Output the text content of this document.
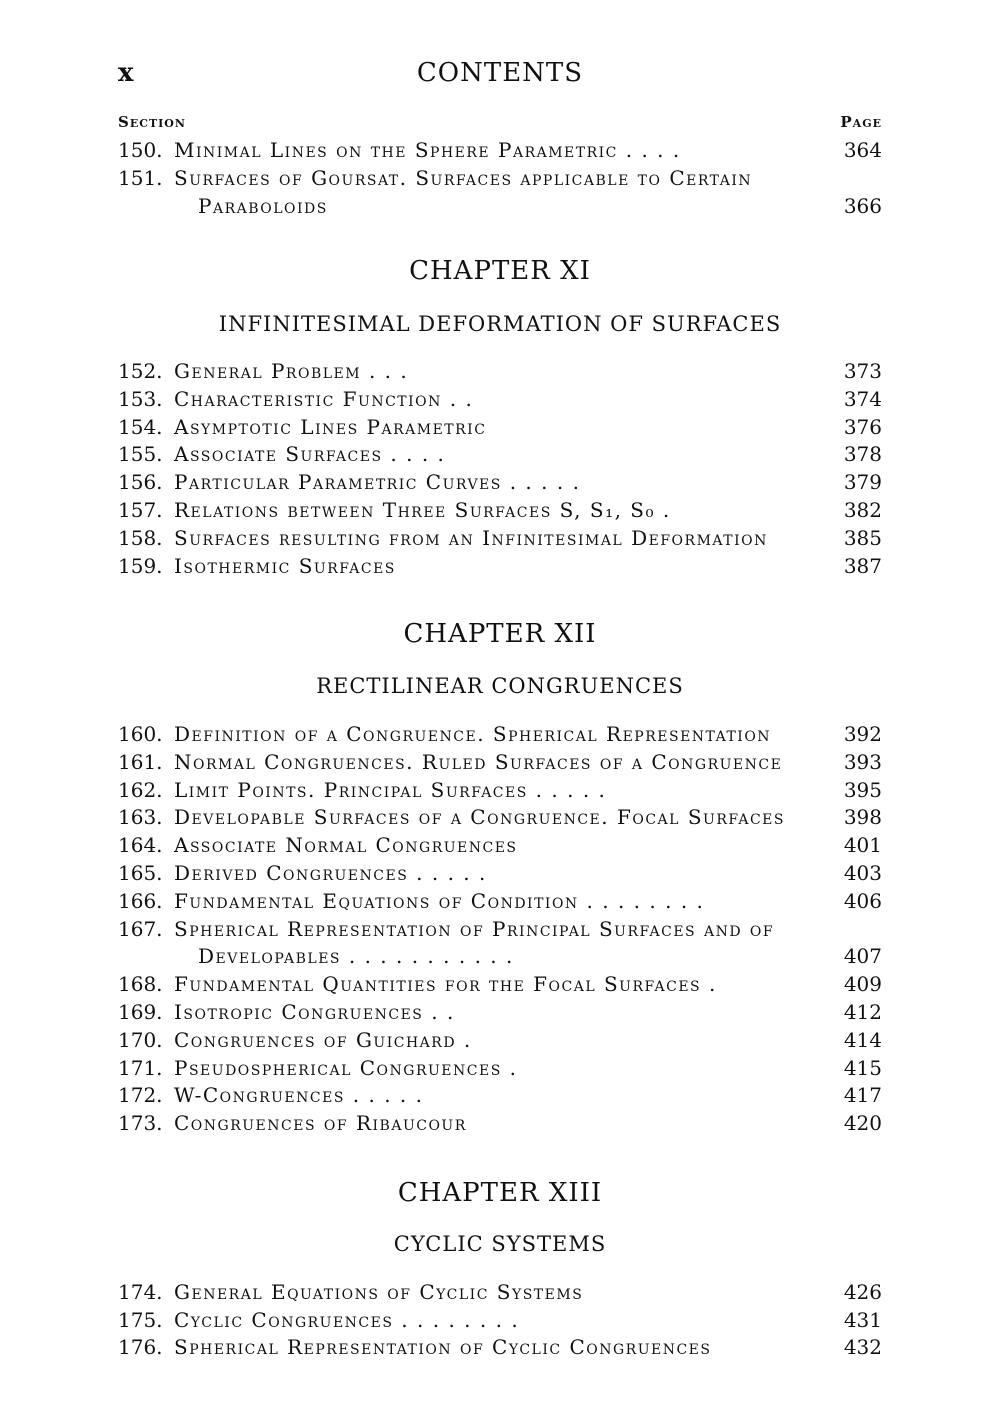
x	CONTENTS
Section	Page
150. Minimal Lines on the Sphere Parametric . . . .	364
151. Surfaces of Goursat. Surfaces applicable to Certain
Paraboloids	366
CHAPTER XI
INFINITESIMAL DEFORMATION OF SURFACES
152. General Problem . . .	373
153. Characteristic Function . .	374
154. Asymptotic Lines Parametric	376
155. Associate Surfaces . . . .	378
156. Particular Parametric Curves . . . . .	379
157. Relations between Three Surfaces S, S₁, S₀ .	382
158. Surfaces resulting from an Infinitesimal Deformation	385
159. Isothermic Surfaces	387
CHAPTER XII
RECTILINEAR CONGRUENCES
160. Definition of a Congruence. Spherical Representation	392
161. Normal Congruences. Ruled Surfaces of a Congruence	393
162. Limit Points. Principal Surfaces . . . . .	395
163. Developable Surfaces of a Congruence. Focal Surfaces	398
164. Associate Normal Congruences	401
165. Derived Congruences . . . . .	403
166. Fundamental Equations of Condition . . . . . . . .	406
167. Spherical Representation of Principal Surfaces and of
Developables . . . . . . . . . . .	407
168. Fundamental Quantities for the Focal Surfaces .	409
169. Isotropic Congruences . .	412
170. Congruences of Guichard .	414
171. Pseudospherical Congruences .	415
172. W-Congruences . . . . .	417
173. Congruences of Ribaucour	420
CHAPTER XIII
CYCLIC SYSTEMS
174. General Equations of Cyclic Systems	426
175. Cyclic Congruences . . . . . . . .	431
176. Spherical Representation of Cyclic Congruences	432
